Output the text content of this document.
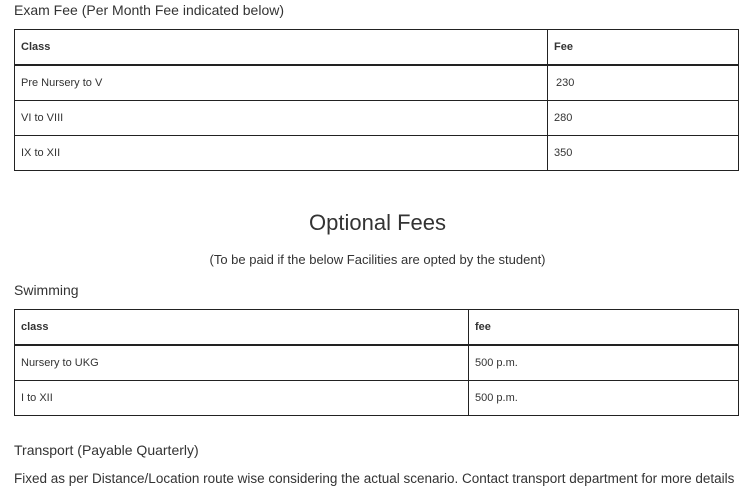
Exam Fee (Per Month Fee indicated below)
Class	Fee
Pre Nursery to V	230
VI to VIII	280
IX to XII	350
Optional Fees
(To be paid if the below Facilities are opted by the student)
Swimming
class	fee
Nursery to UKG	500 p.m.
I to XII	500 p.m.
Transport (Payable Quarterly)
Fixed as per Distance/Location route wise considering the actual scenario. Contact transport department for more details
